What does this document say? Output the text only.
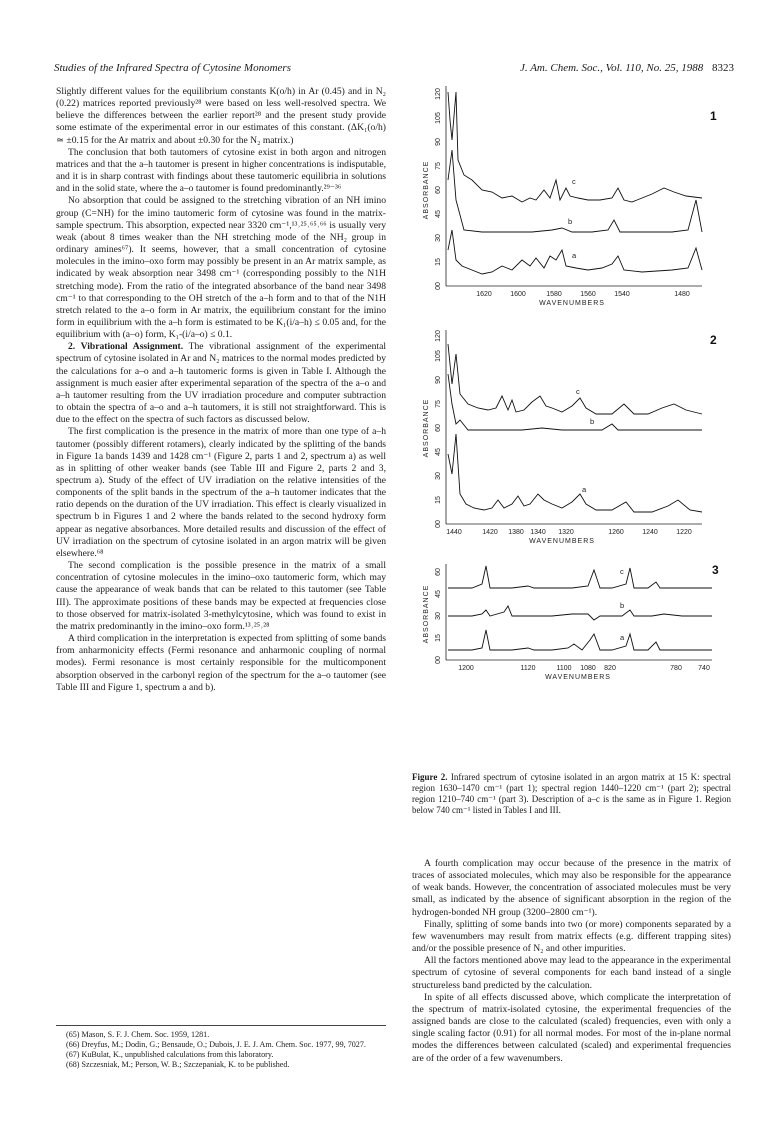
Studies of the Infrared Spectra of Cytosine Monomers	J. Am. Chem. Soc., Vol. 110, No. 25, 1988 8323

Slightly different values for the equilibrium constants K(o/h) in Ar (0.45) and in N₂ (0.22) matrices reported previously²⁸ were based on less well-resolved spectra. We believe the differences between the earlier report²⁸ and the present study provide some estimate of the experimental error in our estimates of this constant. (ΔK₁(o/h) ≃ ±0.15 for the Ar matrix and about ±0.30 for the N₂ matrix.)

The conclusion that both tautomers of cytosine exist in both argon and nitrogen matrices and that the a–h tautomer is present in higher concentrations is indisputable, and it is in sharp contrast with findings about these tautomeric equilibria in solutions and in the solid state, where the a–o tautomer is found predominantly.²⁹⁻³⁶

No absorption that could be assigned to the stretching vibration of an NH imino group (C=NH) for the imino tautomeric form of cytosine was found in the matrix-sample spectrum. This absorption, expected near 3320 cm⁻¹,¹³˒²⁵˒⁶⁵˒⁶⁶ is usually very weak (about 8 times weaker than the NH stretching mode of the NH₂ group in ordinary amines⁶⁷). It seems, however, that a small concentration of cytosine molecules in the imino–oxo form may possibly be present in an Ar matrix sample, as indicated by weak absorption near 3498 cm⁻¹ (corresponding possibly to the N1H stretching mode). From the ratio of the integrated absorbance of the band near 3498 cm⁻¹ to that corresponding to the OH stretch of the a–h form and to that of the N1H stretch related to the a–o form in Ar matrix, the equilibrium constant for the imino form in equilibrium with the a–h form is estimated to be K₁(i/a–h) ≤ 0.05 and, for the equilibrium with (a–o) form, K₁-(i/a–o) ≤ 0.1.

2. Vibrational Assignment. The vibrational assignment of the experimental spectrum of cytosine isolated in Ar and N₂ matrices to the normal modes predicted by the calculations for a–o and a–h tautomeric forms is given in Table I. Although the assignment is much easier after experimental separation of the spectra of the a–o and a–h tautomer resulting from the UV irradiation procedure and computer subtraction to obtain the spectra of a–o and a–h tautomers, it is still not straightforward. This is due to the effect on the spectra of such factors as discussed below.

The first complication is the presence in the matrix of more than one type of a–h tautomer (possibly different rotamers), clearly indicated by the splitting of the bands in Figure 1a bands 1439 and 1428 cm⁻¹ (Figure 2, parts 1 and 2, spectrum a) as well as in splitting of other weaker bands (see Table III and Figure 2, parts 2 and 3, spectrum a). Study of the effect of UV irradiation on the relative intensities of the components of the split bands in the spectrum of the a–h tautomer indicates that the ratio depends on the duration of the UV irradiation. This effect is clearly visualized in spectrum b in Figures 1 and 2 where the bands related to the second hydroxy form appear as negative absorbances. More detailed results and discussion of the effect of UV irradiation on the spectrum of cytosine isolated in an argon matrix will be given elsewhere.⁶⁸

The second complication is the possible presence in the matrix of a small concentration of cytosine molecules in the imino–oxo tautomeric form, which may cause the appearance of weak bands that can be related to this tautomer (see Table III). The approximate positions of these bands may be expected at frequencies close to those observed for matrix-isolated 3-methylcytosine, which was found to exist in the matrix predominantly in the imino–oxo form.¹³˒²⁵˒²⁸

A third complication in the interpretation is expected from splitting of some bands from anharmonicity effects (Fermi resonance and anharmonic coupling of normal modes). Fermi resonance is most certainly responsible for the multicomponent absorption observed in the carbonyl region of the spectrum for the a–o tautomer (see Table III and Figure 1, spectrum a and b).

(65) Mason, S. F. J. Chem. Soc. 1959, 1281.
(66) Dreyfus, M.; Dodin, G.; Bensaude, O.; Dubois, J. E. J. Am. Chem. Soc. 1977, 99, 7027.
(67) KuBulat, K., unpublished calculations from this laboratory.
(68) Szczesniak, M.; Person, W. B.; Szczepaniak, K. to be published.
00
15
30
45
60
75
90
105
120
ABSORBANCE	c
b
a
1
1620	1600	1580	1560	1540	1480
WAVENUMBERS
00
15
30
45
60
75
90
105
120
ABSORBANCE
c
b
a
2
1440	1420 1380 1340 1320	1260	1240	1220
WAVENUMBERS
00
15
30
45
60
ABSORBANCE
c
b
a
3
1200	1120	1100 1080 820	780 740
WAVENUMBERS
Figure 2. Infrared spectrum of cytosine isolated in an argon matrix at 15 K: spectral region 1630–1470 cm⁻¹ (part 1); spectral region 1440–1220 cm⁻¹ (part 2); spectral region 1210–740 cm⁻¹ (part 3). Description of a–c is the same as in Figure 1. Region below 740 cm⁻¹ listed in Tables I and III.

A fourth complication may occur because of the presence in the matrix of traces of associated molecules, which may also be responsible for the appearance of weak bands. However, the concentration of associated molecules must be very small, as indicated by the absence of significant absorption in the region of the hydrogen-bonded NH group (3200–2800 cm⁻¹).

Finally, splitting of some bands into two (or more) components separated by a few wavenumbers may result from matrix effects (e.g. different trapping sites) and/or the possible presence of N₂ and other impurities.

All the factors mentioned above may lead to the appearance in the experimental spectrum of cytosine of several components for each band instead of a single structureless band predicted by the calculation.

In spite of all effects discussed above, which complicate the interpretation of the spectrum of matrix-isolated cytosine, the experimental frequencies of the assigned bands are close to the calculated (scaled) frequencies, even with only a single scaling factor (0.91) for all normal modes. For most of the in-plane normal modes the differences between calculated (scaled) and experimental frequencies are of the order of a few wavenumbers.
